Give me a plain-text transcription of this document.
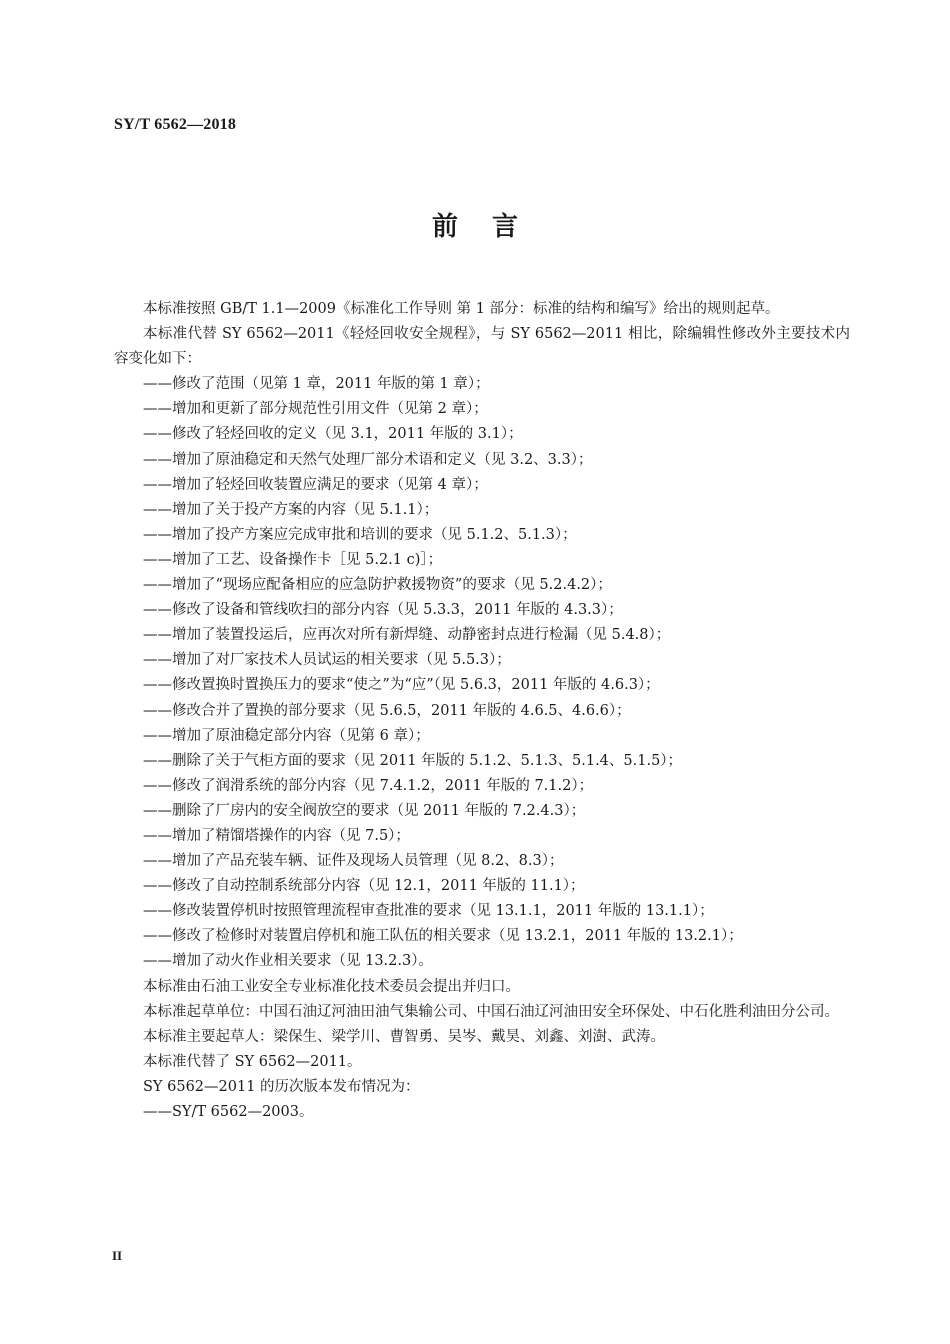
SY/T 6562—2018
前言

本标准按照 GB/T 1.1—2009《标准化工作导则 第 1 部分：标准的结构和编写》给出的规则起草。

本标准代替 SY 6562—2011《轻烃回收安全规程》，与 SY 6562—2011 相比，除编辑性修改外主要技术内容变化如下：

——修改了范围（见第 1 章，2011 年版的第 1 章）；
——增加和更新了部分规范性引用文件（见第 2 章）；
——修改了轻烃回收的定义（见 3.1，2011 年版的 3.1）；
——增加了原油稳定和天然气处理厂部分术语和定义（见 3.2、3.3）；
——增加了轻烃回收装置应满足的要求（见第 4 章）；
——增加了关于投产方案的内容（见 5.1.1）；
——增加了投产方案应完成审批和培训的要求（见 5.1.2、5.1.3）；
——增加了工艺、设备操作卡［见 5.2.1 c)］；
——增加了“现场应配备相应的应急防护救援物资”的要求（见 5.2.4.2）；
——修改了设备和管线吹扫的部分内容（见 5.3.3，2011 年版的 4.3.3）；
——增加了装置投运后，应再次对所有新焊缝、动静密封点进行检漏（见 5.4.8）；
——增加了对厂家技术人员试运的相关要求（见 5.5.3）；
——修改置换时置换压力的要求“使之”为“应”（见 5.6.3，2011 年版的 4.6.3）；
——修改合并了置换的部分要求（见 5.6.5，2011 年版的 4.6.5、4.6.6）；
——增加了原油稳定部分内容（见第 6 章）；
——删除了关于气柜方面的要求（见 2011 年版的 5.1.2、5.1.3、5.1.4、5.1.5）；
——修改了润滑系统的部分内容（见 7.4.1.2，2011 年版的 7.1.2）；
——删除了厂房内的安全阀放空的要求（见 2011 年版的 7.2.4.3）；
——增加了精馏塔操作的内容（见 7.5）；
——增加了产品充装车辆、证件及现场人员管理（见 8.2、8.3）；
——修改了自动控制系统部分内容（见 12.1，2011 年版的 11.1）；
——修改装置停机时按照管理流程审查批准的要求（见 13.1.1，2011 年版的 13.1.1）；
——修改了检修时对装置启停机和施工队伍的相关要求（见 13.2.1，2011 年版的 13.2.1）；
——增加了动火作业相关要求（见 13.2.3）。

本标准由石油工业安全专业标准化技术委员会提出并归口。

本标准起草单位：中国石油辽河油田油气集输公司、中国石油辽河油田安全环保处、中石化胜利油田分公司。

本标准主要起草人：梁保生、梁学川、曹智勇、吴岑、戴昊、刘鑫、刘澍、武涛。

本标准代替了 SY 6562—2011。

SY 6562—2011 的历次版本发布情况为：

——SY/T 6562—2003。
II
